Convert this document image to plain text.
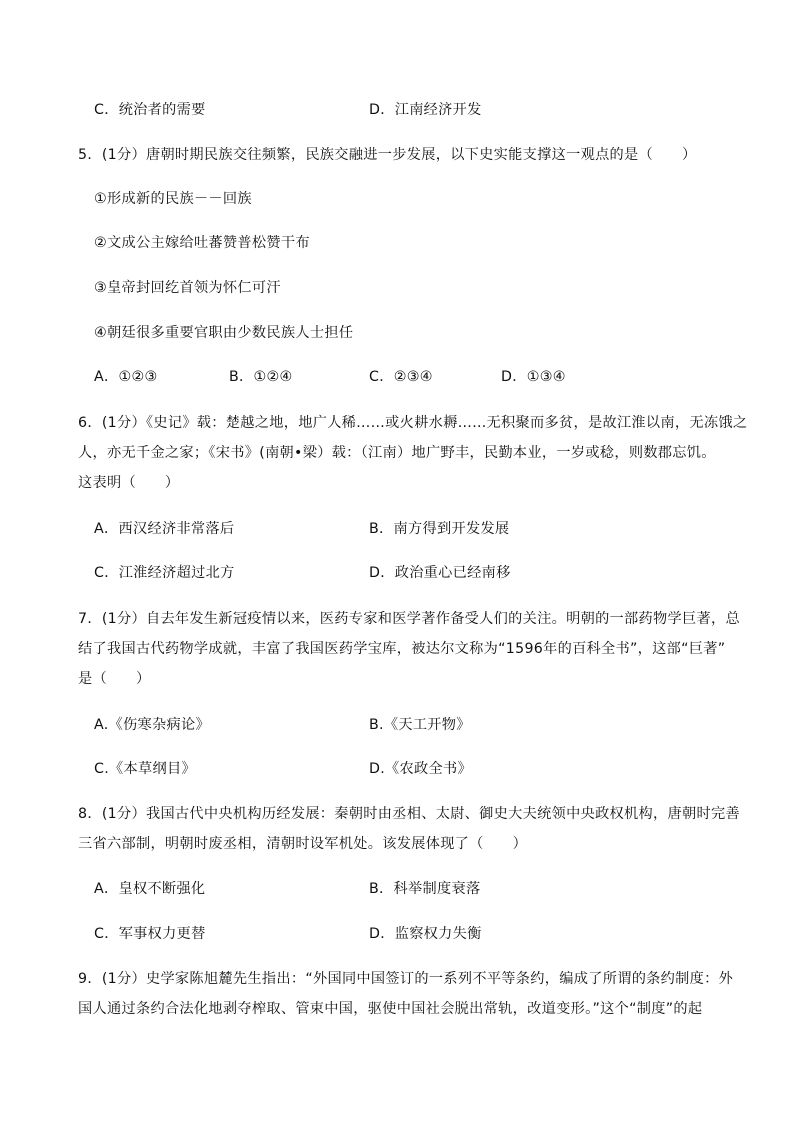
C．统治者的需要	D．江南经济开发
5．(1分）唐朝时期民族交往频繁，民族交融进一步发展，以下史实能支撑这一观点的是（　　）
①形成新的民族－－回族
②文成公主嫁给吐蕃赞普松赞干布
③皇帝封回纥首领为怀仁可汗
④朝廷很多重要官职由少数民族人士担任
A．①②③	B．①②④	C．②③④	D．①③④
6．(1分）《史记》载：楚越之地，地广人稀……或火耕水耨……无积聚而多贫，是故江淮以南，无冻饿之
人，亦无千金之家；《宋书》(南朝•梁）载：（江南）地广野丰，民勤本业，一岁或稔，则数郡忘饥。
这表明（　　）
A．西汉经济非常落后	B．南方得到开发发展
C．江淮经济超过北方	D．政治重心已经南移
7．(1分）自去年发生新冠疫情以来，医药专家和医学著作备受人们的关注。明朝的一部药物学巨著，总
结了我国古代药物学成就，丰富了我国医药学宝库，被达尔文称为“1596年的百科全书”，这部“巨著”
是（　　）
A.《伤寒杂病论》	B.《天工开物》
C.《本草纲目》	D.《农政全书》
8．(1分）我国古代中央机构历经发展：秦朝时由丞相、太尉、御史大夫统领中央政权机构，唐朝时完善
三省六部制，明朝时废丞相，清朝时设军机处。该发展体现了（　　）
A．皇权不断强化	B．科举制度衰落
C．军事权力更替	D．监察权力失衡
9．(1分）史学家陈旭麓先生指出：“外国同中国签订的一系列不平等条约，编成了所谓的条约制度：外
国人通过条约合法化地剥夺榨取、管束中国，驱使中国社会脱出常轨，改道变形。”这个“制度”的起
